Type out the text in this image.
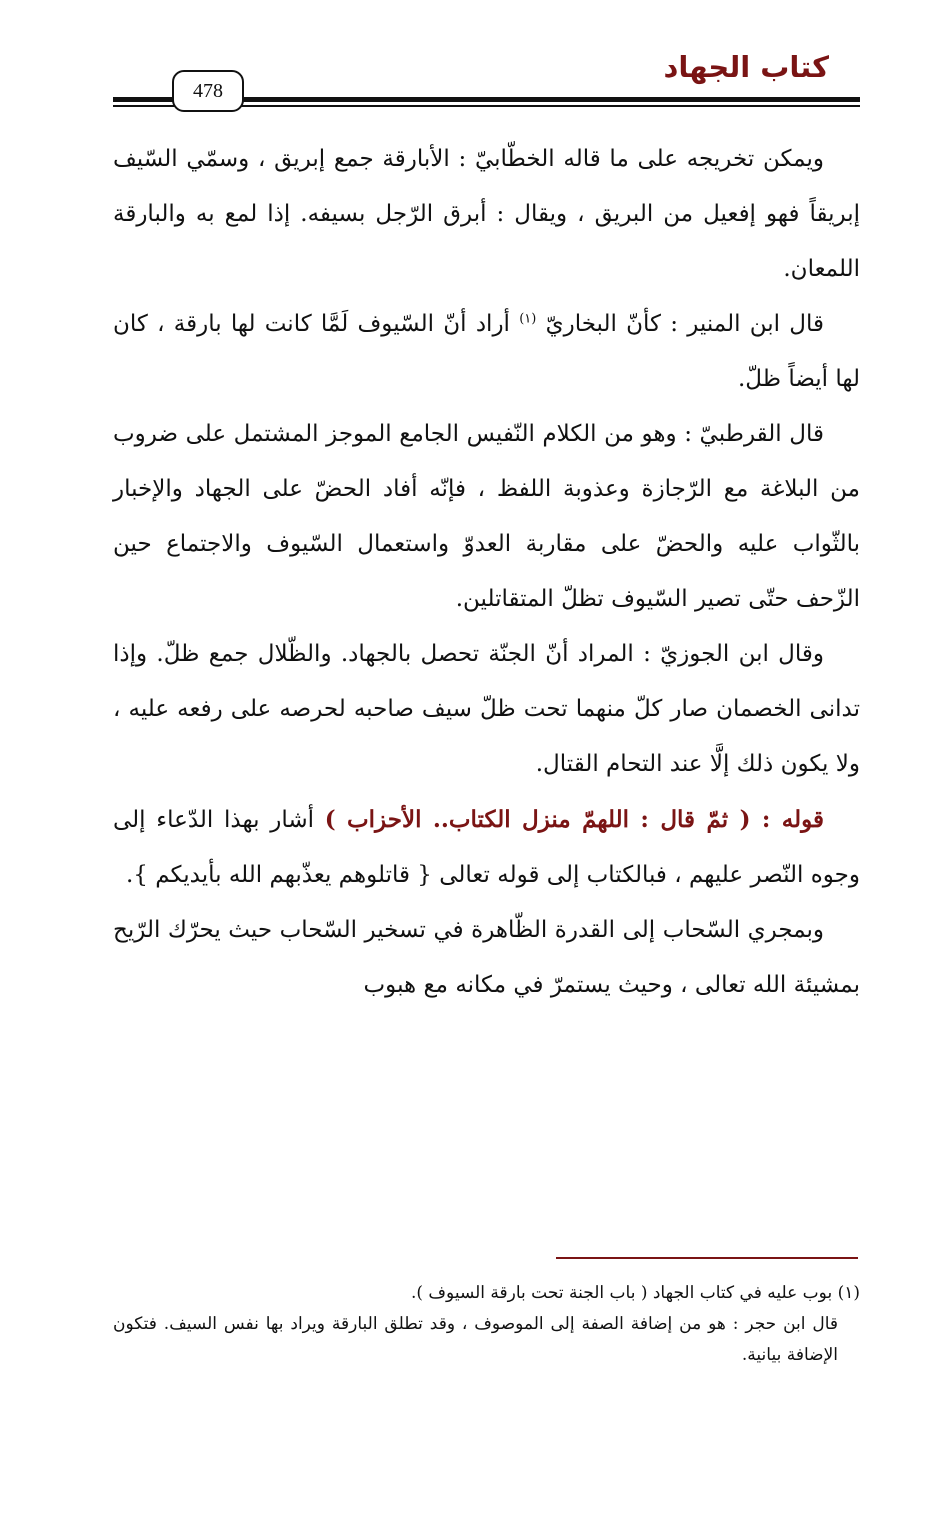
كتاب الجهاد
478

ويمكن تخريجه على ما قاله الخطّابيّ : الأبارقة جمع إبريق ، وسمّي السّيف إبريقاً فهو إفعيل من البريق ، ويقال : أبرق الرّجل بسيفه. إذا لمع به والبارقة اللمعان.

قال ابن المنير : كأنّ البخاريّ $^{(١)}$ أراد أنّ السّيوف لَمَّا كانت لها بارقة ، كان لها أيضاً ظلّ.

قال القرطبيّ : وهو من الكلام النّفيس الجامع الموجز المشتمل على ضروب من البلاغة مع الرّجازة وعذوبة اللفظ ، فإنّه أفاد الحضّ على الجهاد والإخبار بالثّواب عليه والحضّ على مقاربة العدوّ واستعمال السّيوف والاجتماع حين الزّحف حتّى تصير السّيوف تظلّ المتقاتلين.

وقال ابن الجوزيّ : المراد أنّ الجنّة تحصل بالجهاد. والظّلال جمع ظلّ. وإذا تدانى الخصمان صار كلّ منهما تحت ظلّ سيف صاحبه لحرصه على رفعه عليه ، ولا يكون ذلك إلَّا عند التحام القتال.

قوله : ( ثمّ قال : اللهمّ منزل الكتاب.. الأحزاب ) أشار بهذا الدّعاء إلى وجوه النّصر عليهم ، فبالكتاب إلى قوله تعالى { قاتلوهم يعذّبهم الله بأيديكم }.

وبمجري السّحاب إلى القدرة الظّاهرة في تسخير السّحاب حيث يحرّك الرّيح بمشيئة الله تعالى ، وحيث يستمرّ في مكانه مع هبوب

(١) بوب عليه في كتاب الجهاد ( باب الجنة تحت بارقة السيوف ).

قال ابن حجر : هو من إضافة الصفة إلى الموصوف ، وقد تطلق البارقة ويراد بها نفس السيف. فتكون الإضافة بيانية.
